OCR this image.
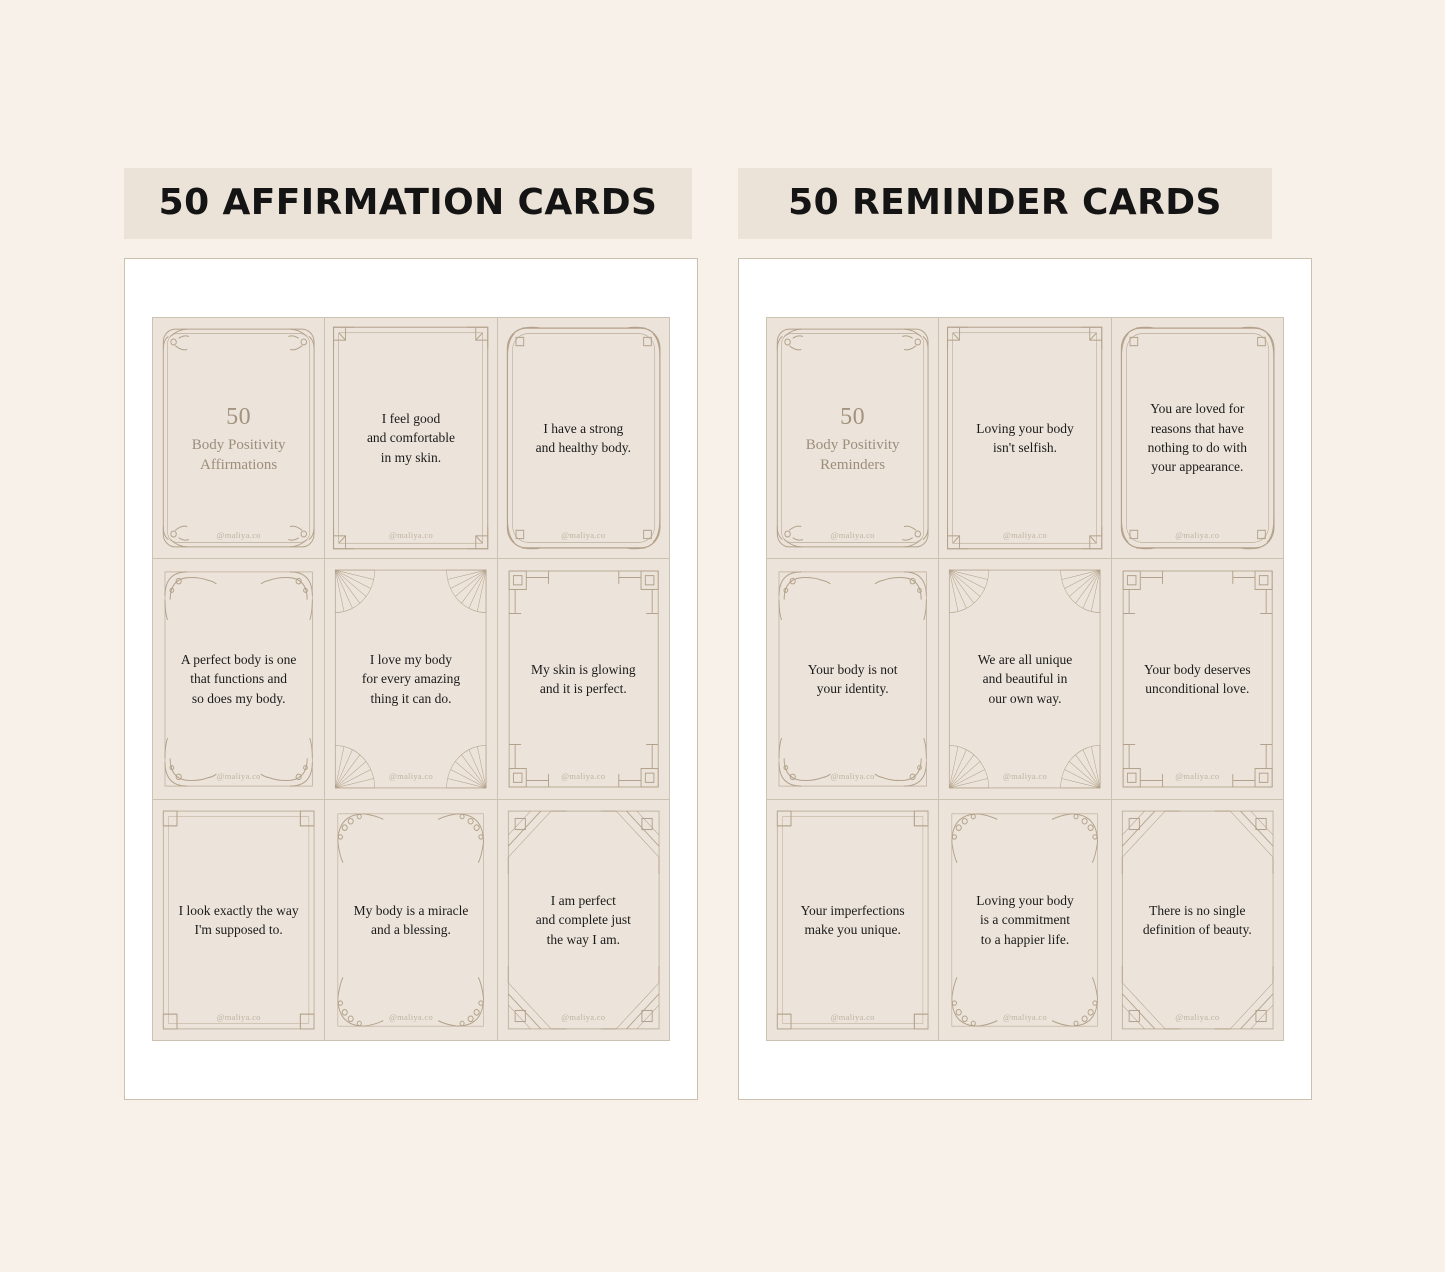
50 AFFIRMATION CARDS
50
Body Positivity
Affirmations
@maliya.co
I feel good
and comfortable
in my skin.
@maliya.co
I have a strong
and healthy body.
@maliya.co
A perfect body is one
that functions and
so does my body.
@maliya.co
I love my body
for every amazing
thing it can do.
@maliya.co
My skin is glowing
and it is perfect.
@maliya.co
I look exactly the way
I'm supposed to.
@maliya.co
My body is a miracle
and a blessing.
@maliya.co
I am perfect
and complete just
the way I am.
@maliya.co
50 REMINDER CARDS
50
Body Positivity
Reminders
@maliya.co
Loving your body
isn't selfish.
@maliya.co
You are loved for
reasons that have
nothing to do with
your appearance.
@maliya.co
Your body is not
your identity.
@maliya.co
We are all unique
and beautiful in
our own way.
@maliya.co
Your body deserves
unconditional love.
@maliya.co
Your imperfections
make you unique.
@maliya.co
Loving your body
is a commitment
to a happier life.
@maliya.co
There is no single
definition of beauty.
@maliya.co
